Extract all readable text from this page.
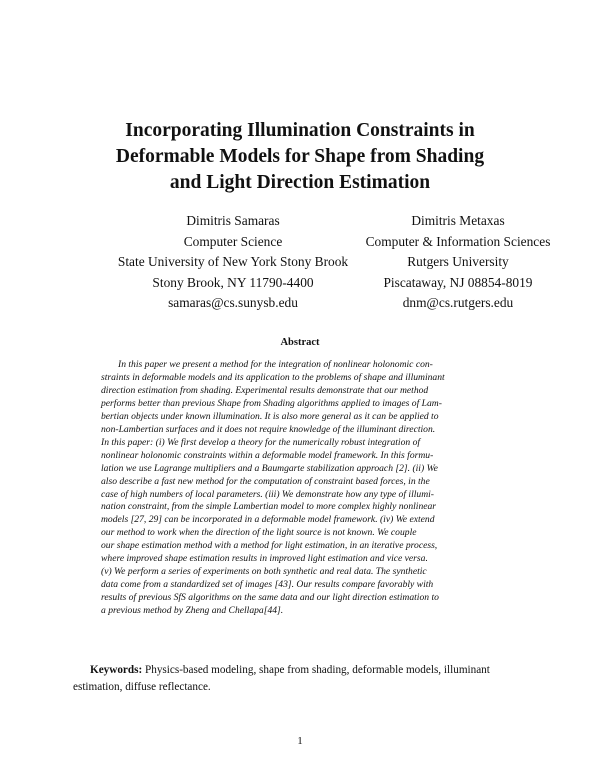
Incorporating Illumination Constraints in
Deformable Models for Shape from Shading
and Light Direction Estimation
Dimitris Samaras
Computer Science
State University of New York Stony Brook
Stony Brook, NY 11790-4400
samaras@cs.sunysb.edu
Dimitris Metaxas
Computer & Information Sciences
Rutgers University
Piscataway, NJ 08854-8019
dnm@cs.rutgers.edu
Abstract
In this paper we present a method for the integration of nonlinear holonomic con-
straints in deformable models and its application to the problems of shape and illuminant
direction estimation from shading. Experimental results demonstrate that our method
performs better than previous Shape from Shading algorithms applied to images of Lam-
bertian objects under known illumination. It is also more general as it can be applied to
non-Lambertian surfaces and it does not require knowledge of the illuminant direction.
In this paper: (i) We first develop a theory for the numerically robust integration of
nonlinear holonomic constraints within a deformable model framework. In this formu-
lation we use Lagrange multipliers and a Baumgarte stabilization approach [2]. (ii) We
also describe a fast new method for the computation of constraint based forces, in the
case of high numbers of local parameters. (iii) We demonstrate how any type of illumi-
nation constraint, from the simple Lambertian model to more complex highly nonlinear
models [27, 29] can be incorporated in a deformable model framework. (iv) We extend
our method to work when the direction of the light source is not known. We couple
our shape estimation method with a method for light estimation, in an iterative process,
where improved shape estimation results in improved light estimation and vice versa.
(v) We perform a series of experiments on both synthetic and real data. The synthetic
data come from a standardized set of images [43]. Our results compare favorably with
results of previous SfS algorithms on the same data and our light direction estimation to
a previous method by Zheng and Chellapa[44].
Keywords: Physics-based modeling, shape from shading, deformable models, illuminant
estimation, diffuse reflectance.
1
